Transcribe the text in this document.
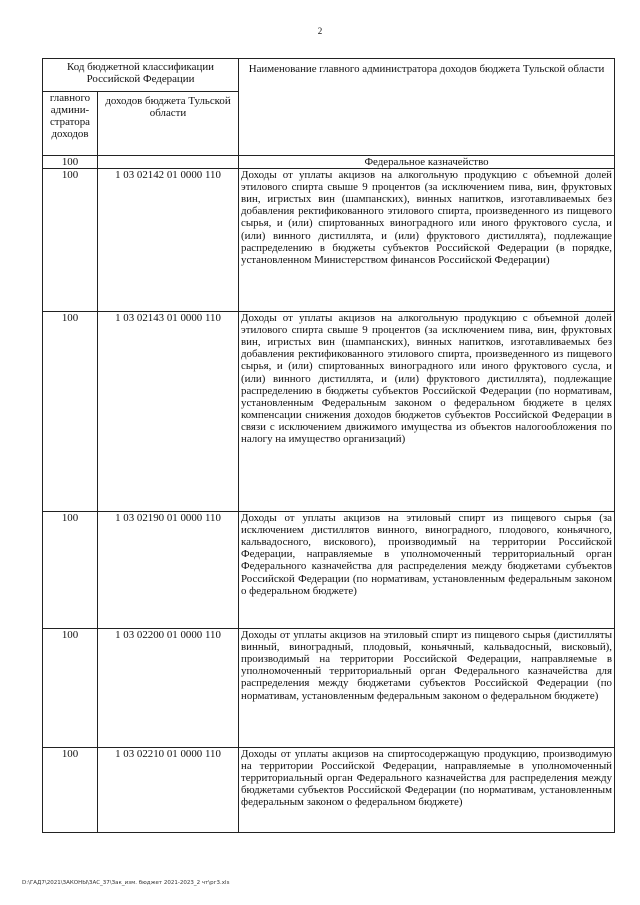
2
Код бюджетной классификации Российской Федерации		Наименование главного администратора доходов бюджета Тульской области
главного админи-стратора доходов	доходов бюджета Тульской области	
100		Федеральное казначейство
100	1 03 02142 01 0000 110	Доходы от уплаты акцизов на алкогольную продукцию с объемной долей этилового спирта свыше 9 процентов (за исключением пива, вин, фруктовых вин, игристых вин (шампанских), винных напитков, изготавливаемых без добавления ректификованного этилового спирта, произведенного из пищевого сырья, и (или) спиртованных виноградного или иного фруктового сусла, и (или) винного дистиллята, и (или) фруктового дистиллята), подлежащие распределению в бюджеты субъектов Российской Федерации (в порядке, установленном Министерством финансов Российской Федерации)
100	1 03 02143 01 0000 110	Доходы от уплаты акцизов на алкогольную продукцию с объемной долей этилового спирта свыше 9 процентов (за исключением пива, вин, фруктовых вин, игристых вин (шампанских), винных напитков, изготавливаемых без добавления ректификованного этилового спирта, произведенного из пищевого сырья, и (или) спиртованных виноградного или иного фруктового сусла, и (или) винного дистиллята, и (или) фруктового дистиллята), подлежащие распределению в бюджеты субъектов Российской Федерации (по нормативам, установленным Федеральным законом о федеральном бюджете в целях компенсации снижения доходов бюджетов субъектов Российской Федерации в связи с исключением движимого имущества из объектов налогообложения по налогу на имущество организаций)
100	1 03 02190 01 0000 110	Доходы от уплаты акцизов на этиловый спирт из пищевого сырья (за исключением дистиллятов винного, виноградного, плодового, коньячного, кальвадосного, вискового), производимый на территории Российской Федерации, направляемые в уполномоченный территориальный орган Федерального казначейства для распределения между бюджетами субъектов Российской Федерации (по нормативам, установленным федеральным законом о федеральном бюджете)
100	1 03 02200 01 0000 110	Доходы от уплаты акцизов на этиловый спирт из пищевого сырья (дистилляты винный, виноградный, плодовый, коньячный, кальвадосный, висковый), производимый на территории Российской Федерации, направляемые в уполномоченный территориальный орган Федерального казначейства для распределения между бюджетами субъектов Российской Федерации (по нормативам, установленным федеральным законом о федеральном бюджете)
100	1 03 02210 01 0000 110	Доходы от уплаты акцизов на спиртосодержащую продукцию, производимую на территории Российской Федерации, направляемые в уполномоченный территориальный орган Федерального казначейства для распределения между бюджетами субъектов Российской Федерации (по нормативам, установленным федеральным законом о федеральном бюджете)
D:\ГАД7\2021\ЗАКОНЫ\ЗАС_37\Зак_изм. бюджет 2021-2023_2 чт\рг3.xls
